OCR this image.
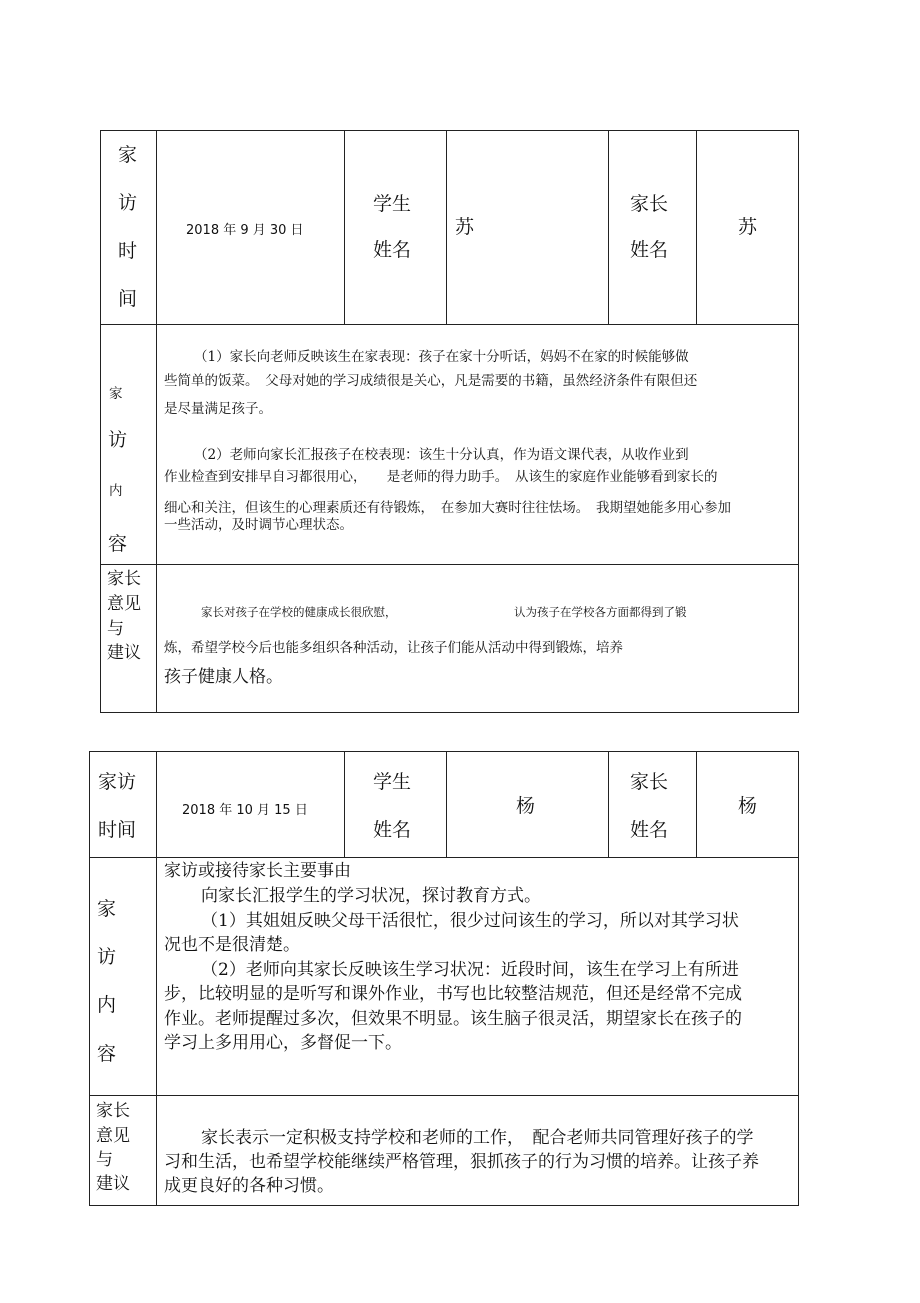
家
访
时
间
2018 年 9 月 30 日
学生
姓名
苏
家长
姓名
苏
家
访
内
容
（1）家长向老师反映该生在家表现：孩子在家十分听话，妈妈不在家的时候能够做
些简单的饭菜。　父母对她的学习成绩很是关心，凡是需要的书籍，虽然经济条件有限但还
是尽量满足孩子。
（2）老师向家长汇报孩子在校表现：该生十分认真，作为语文课代表，从收作业到
作业检查到安排早自习都很用心，　　是老师的得力助手。　从该生的家庭作业能够看到家长的
细心和关注，但该生的心理素质还有待锻炼，　在参加大赛时往往怯场。　我期望她能多用心参加
一些活动，及时调节心理状态。
家长
意见
与
建议
家长对孩子在学校的健康成长很欣慰，	认为孩子在学校各方面都得到了锻
炼，希望学校今后也能多组织各种活动，让孩子们能从活动中得到锻炼，培养
孩子健康人格。
家访
时间
2018 年 10 月 15 日
学生
姓名
杨
家长
姓名
杨
家
访
内
容
家访或接待家长主要事由
向家长汇报学生的学习状况，探讨教育方式。
（1）其姐姐反映父母干活很忙，很少过问该生的学习，所以对其学习状
况也不是很清楚。
（2）老师向其家长反映该生学习状况：近段时间，该生在学习上有所进
步，比较明显的是听写和课外作业，书写也比较整洁规范，但还是经常不完成
作业。老师提醒过多次，但效果不明显。该生脑子很灵活，期望家长在孩子的
学习上多用用心，多督促一下。
家长
意见
与
建议
家长表示一定积极支持学校和老师的工作，　配合老师共同管理好孩子的学
习和生活，也希望学校能继续严格管理，狠抓孩子的行为习惯的培养。让孩子养
成更良好的各种习惯。
